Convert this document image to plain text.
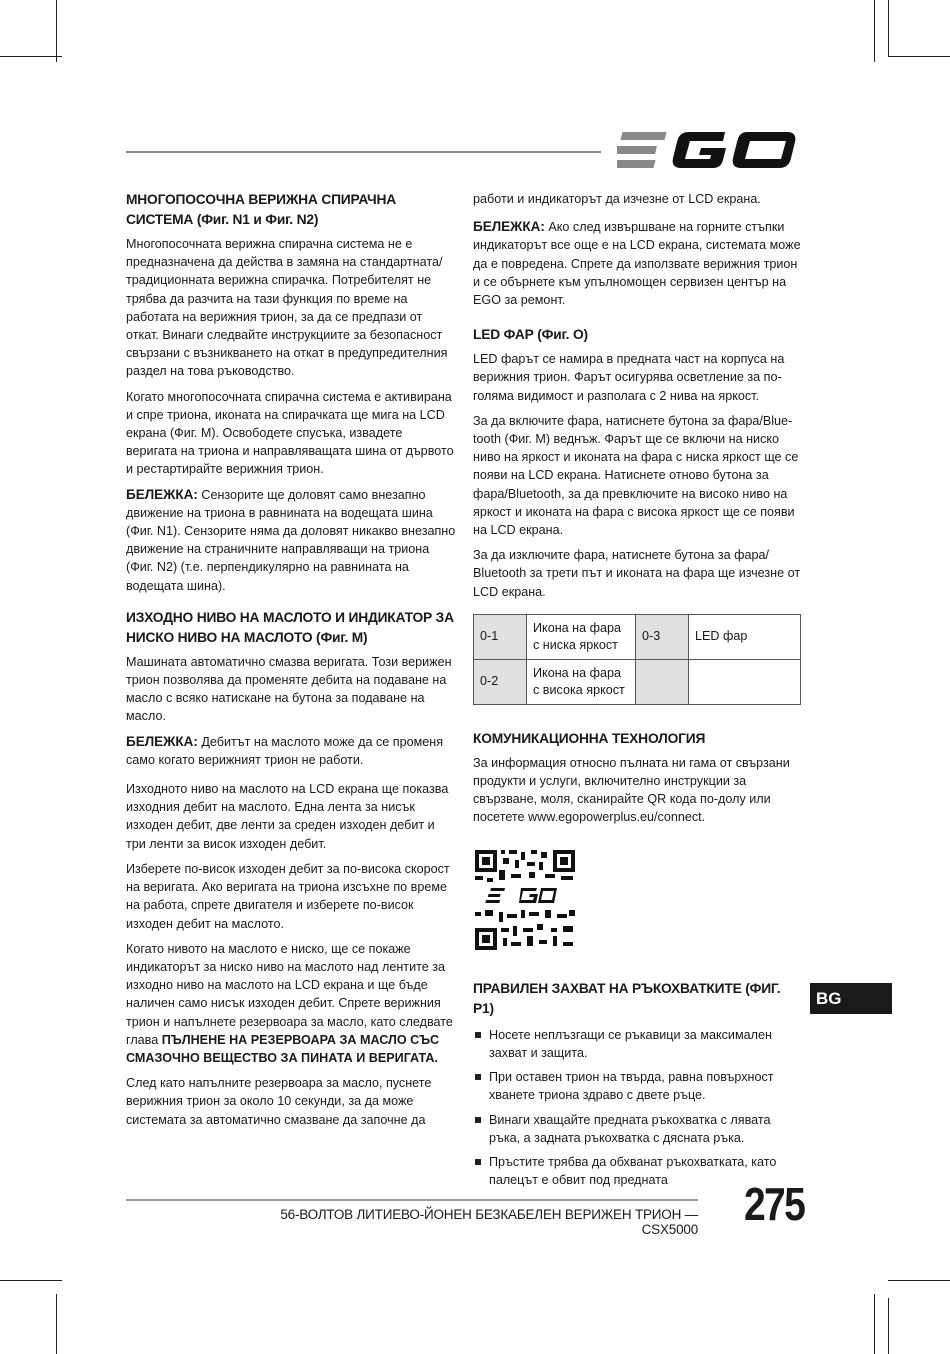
МНОГОПОСОЧНА ВЕРИЖНА СПИРАЧНА СИСТЕМА (Фиг. N1 и Фиг. N2)

Многопосочната верижна спирачна система не е предназначена да действа в замяна на стандартната/ традиционната верижна спирачка. Потребителят не трябва да разчита на тази функция по време на работата на верижния трион, за да се предпази от откат. Винаги следвайте инструкциите за безопасност свързани с възникването на откат в предупредителния раздел на това ръководство.

Когато многопосочната спирачна система е активирана и спре триона, иконата на спирачката ще мига на LCD екрана (Фиг. M). Освободете спусъка, извадете веригата на триона и направляващата шина от дървото и рестартирайте верижния трион.

БЕЛЕЖКА: Сензорите ще доловят само внезапно движение на триона в равнината на водещата шина (Фиг. N1). Сензорите няма да доловят никакво внезапно движение на страничните направляващи на триона (Фиг. N2) (т.е. перпендикулярно на равнината на водещата шина).

ИЗХОДНО НИВО НА МАСЛОТО И ИНДИКАТОР ЗА НИСКО НИВО НА МАСЛОТО (Фиг. M)

Машината автоматично смазва веригата. Този верижен трион позволява да променяте дебита на подаване на масло с всяко натискане на бутона за подаване на масло.

БЕЛЕЖКА: Дебитът на маслото може да се променя само когато верижният трион не работи.

Изходното ниво на маслото на LCD екрана ще показва изходния дебит на маслото. Една лента за нисък изходен дебит, две ленти за среден изходен дебит и три ленти за висок изходен дебит.

Изберете по-висок изходен дебит за по-висока скорост на веригата. Ако веригата на триона изсъхне по време на работа, спрете двигателя и изберете по-висок изходен дебит на маслото.

Когато нивото на маслото е ниско, ще се покаже индикаторът за ниско ниво на маслото над лентите за изходно ниво на маслото на LCD екрана и ще бъде наличен само нисък изходен дебит. Спрете верижния трион и напълнете резервоара за масло, като следвате глава ПЪЛНЕНЕ НА РЕЗЕРВОАРА ЗА МАСЛО СЪС СМАЗОЧНО ВЕЩЕСТВО ЗА ПИНАТА И ВЕРИГАТА.

След като напълните резервоара за масло, пуснете верижния трион за около 10 секунди, за да може системата за автоматично смазване да започне да

работи и индикаторът да изчезне от LCD екрана.

БЕЛЕЖКА: Ако след извършване на горните стъпки индикаторът все още е на LCD екрана, системата може да е повредена. Спрете да използвате верижния трион и се обърнете към упълномощен сервизен център на EGO за ремонт.

LED ФАР (Фиг. O)

LED фарът се намира в предната част на корпуса на верижния трион. Фарът осигурява осветление за по-голяма видимост и разполага с 2 нива на яркост.

За да включите фара, натиснете бутона за фара/Blue-tooth (Фиг. M) веднъж. Фарът ще се включи на ниско ниво на яркост и иконата на фара с ниска яркост ще се появи на LCD екрана. Натиснете отново бутона за фара/Bluetooth, за да превключите на високо ниво на яркост и иконата на фара с висока яркост ще се появи на LCD екрана.

За да изключите фара, натиснете бутона за фара/ Bluetooth за трети път и иконата на фара ще изчезне от LCD екрана.

0-1	Икона на фара с ниска яркост	0-3	LED фар
0-2	Икона на фара с висока яркост		
КОМУНИКАЦИОННА ТЕХНОЛОГИЯ

За информация относно пълната ни гама от свързани продукти и услуги, включително инструкции за свързване, моля, сканирайте QR кода по-долу или посетете www.egopowerplus.eu/connect.

ПРАВИЛЕН ЗАХВАТ НА РЪКОХВАТКИТЕ (ФИГ. P1)
Носете неплъзгащи се ръкавици за максимален захват и защита.
При оставен трион на твърда, равна повърхност хванете триона здраво с двете ръце.
Винаги хващайте предната ръкохватка с лявата ръка, а задната ръкохватка с дясната ръка.
Пръстите трябва да обхванат ръкохватката, като палецът е обвит под предната
BG
56-ВОЛТОВ ЛИТИЕВО-ЙОНЕН БЕЗКАБЕЛЕН ВЕРИЖЕН ТРИОН — CSX5000 275
